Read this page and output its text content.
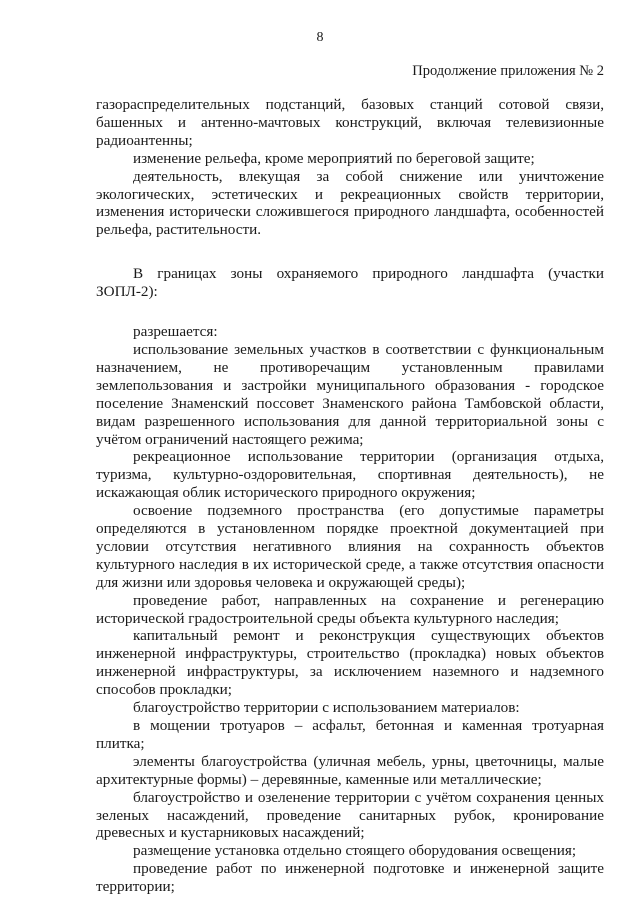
8
Продолжение приложения № 2

газораспределительных подстанций, базовых станций сотовой связи, башенных и антенно-мачтовых конструкций, включая телевизионные радиоантенны;

изменение рельефа, кроме мероприятий по береговой защите;

деятельность, влекущая за собой снижение или уничтожение экологических, эстетических и рекреационных свойств территории, изменения исторически сложившегося природного ландшафта, особенностей рельефа, растительности.

В границах зоны охраняемого природного ландшафта (участки ЗОПЛ-2):

разрешается:

использование земельных участков в соответствии с функциональным назначением, не противоречащим установленным правилами землепользования и застройки муниципального образования - городское поселение Знаменский поссовет Знаменского района Тамбовской области, видам разрешенного использования для данной территориальной зоны с учётом ограничений настоящего режима;

рекреационное использование территории (организация отдыха, туризма, культурно-оздоровительная, спортивная деятельность), не искажающая облик исторического природного окружения;

освоение подземного пространства (его допустимые параметры определяются в установленном порядке проектной документацией при условии отсутствия негативного влияния на сохранность объектов культурного наследия в их исторической среде, а также отсутствия опасности для жизни или здоровья человека и окружающей среды);

проведение работ, направленных на сохранение и регенерацию исторической градостроительной среды объекта культурного наследия;

капитальный ремонт и реконструкция существующих объектов инженерной инфраструктуры, строительство (прокладка) новых объектов инженерной инфраструктуры, за исключением наземного и надземного способов прокладки;

благоустройство территории с использованием материалов:

в мощении тротуаров – асфальт, бетонная и каменная тротуарная плитка;

элементы благоустройства (уличная мебель, урны, цветочницы, малые архитектурные формы) – деревянные, каменные или металлические;

благоустройство и озеленение территории с учётом сохранения ценных зеленых насаждений, проведение санитарных рубок, кронирование древесных и кустарниковых насаждений;

размещение установка отдельно стоящего оборудования освещения;

проведение работ по инженерной подготовке и инженерной защите территории;
